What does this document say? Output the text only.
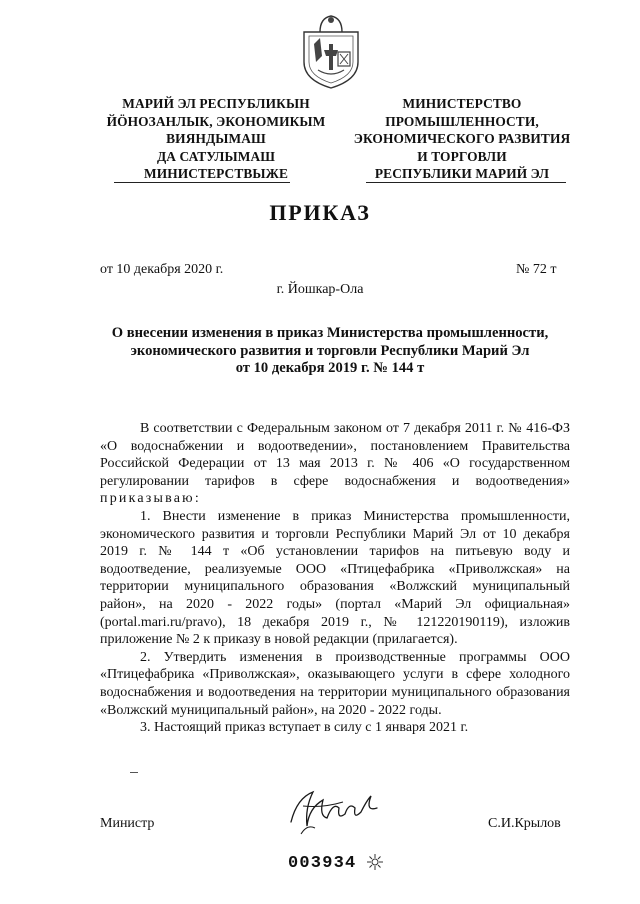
МАРИЙ ЭЛ РЕСПУБЛИКЫН
ЙÖНОЗАНЛЫК, ЭКОНОМИКЫМ
ВИЯНДЫМАШ
ДА САТУЛЫМАШ
МИНИСТЕРСТВЫЖЕ
МИНИСТЕРСТВО
ПРОМЫШЛЕННОСТИ,
ЭКОНОМИЧЕСКОГО РАЗВИТИЯ
И ТОРГОВЛИ
РЕСПУБЛИКИ МАРИЙ ЭЛ
ПРИКАЗ
от 10 декабря 2020 г.	№ 72 т
г. Йошкар-Ола
О внесении изменения в приказ Министерства промышленности,
экономического развития и торговли Республики Марий Эл
от 10 декабря 2019 г. № 144 т

В соответствии с Федеральным законом от 7 декабря 2011 г. № 416-ФЗ «О водоснабжении и водоотведении», постановлением Правительства Российской Федерации от 13 мая 2013 г. № 406 «О государственном регулировании тарифов в сфере водоснабжения и водоотведения» приказываю:

1. Внести изменение в приказ Министерства промышленности, экономического развития и торговли Республики Марий Эл от 10 декабря 2019 г. № 144 т «Об установлении тарифов на питьевую воду и водоотведение, реализуемые ООО «Птицефабрика «Приволжская» на территории муниципального образования «Волжский муниципальный район», на 2020 - 2022 годы» (портал «Марий Эл официальная» (portal.mari.ru/pravo), 18 декабря 2019 г., № 121220190119), изложив приложение № 2 к приказу в новой редакции (прилагается).

2. Утвердить изменения в производственные программы ООО «Птицефабрика «Приволжская», оказывающего услуги в сфере холодного водоснабжения и водоотведения на территории муниципального образования «Волжский муниципальный район», на 2020 - 2022 годы.

3. Настоящий приказ вступает в силу с 1 января 2021 г.

Министр	С.И.Крылов
003934
